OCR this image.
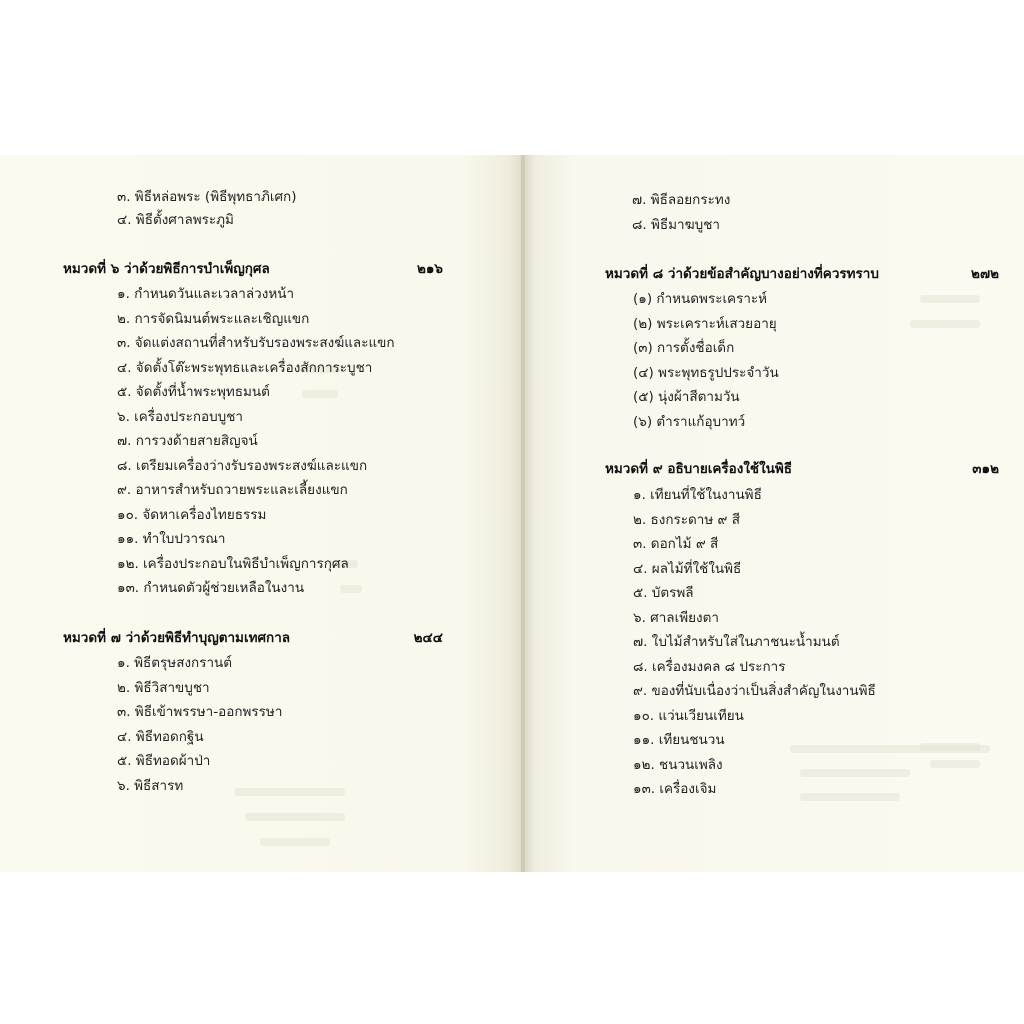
๓. พิธีหล่อพระ (พิธีพุทธาภิเศก)
๔. พิธีตั้งศาลพระภูมิ
หมวดที่ ๖ ว่าด้วยพิธีการบำเพ็ญกุศล	๒๑๖
๑. กำหนดวันและเวลาล่วงหน้า
๒. การจัดนิมนต์พระและเชิญแขก
๓. จัดแต่งสถานที่สำหรับรับรองพระสงฆ์และแขก
๔. จัดตั้งโต๊ะพระพุทธและเครื่องสักการะบูชา
๕. จัดตั้งที่น้ำพระพุทธมนต์
๖. เครื่องประกอบบูชา
๗. การวงด้ายสายสิญจน์
๘. เตรียมเครื่องว่างรับรองพระสงฆ์และแขก
๙. อาหารสำหรับถวายพระและเลี้ยงแขก
๑๐. จัดหาเครื่องไทยธรรม
๑๑. ทำใบปวารณา
๑๒. เครื่องประกอบในพิธีบำเพ็ญการกุศล
๑๓. กำหนดตัวผู้ช่วยเหลือในงาน
หมวดที่ ๗ ว่าด้วยพิธีทำบุญตามเทศกาล	๒๔๔
๑. พิธีตรุษสงกรานต์
๒. พิธีวิสาขบูชา
๓. พิธีเข้าพรรษา-ออกพรรษา
๔. พิธีทอดกฐิน
๕. พิธีทอดผ้าป่า
๖. พิธีสารท
๗. พิธีลอยกระทง
๘. พิธีมาฆบูชา
หมวดที่ ๘ ว่าด้วยข้อสำคัญบางอย่างที่ควรทราบ	๒๗๒
(๑) กำหนดพระเคราะห์
(๒) พระเคราะห์เสวยอายุ
(๓) การตั้งชื่อเด็ก
(๔) พระพุทธรูปประจำวัน
(๕) นุ่งผ้าสีตามวัน
(๖) ตำราแก้อุบาทว์
หมวดที่ ๙ อธิบายเครื่องใช้ในพิธี	๓๑๒
๑. เทียนที่ใช้ในงานพิธี
๒. ธงกระดาษ ๙ สี
๓. ดอกไม้ ๙ สี
๔. ผลไม้ที่ใช้ในพิธี
๕. บัตรพลี
๖. ศาลเพียงตา
๗. ใบไม้สำหรับใส่ในภาชนะน้ำมนต์
๘. เครื่องมงคล ๘ ประการ
๙. ของที่นับเนื่องว่าเป็นสิ่งสำคัญในงานพิธี
๑๐. แว่นเวียนเทียน
๑๑. เทียนชนวน
๑๒. ชนวนเพลิง
๑๓. เครื่องเจิม
